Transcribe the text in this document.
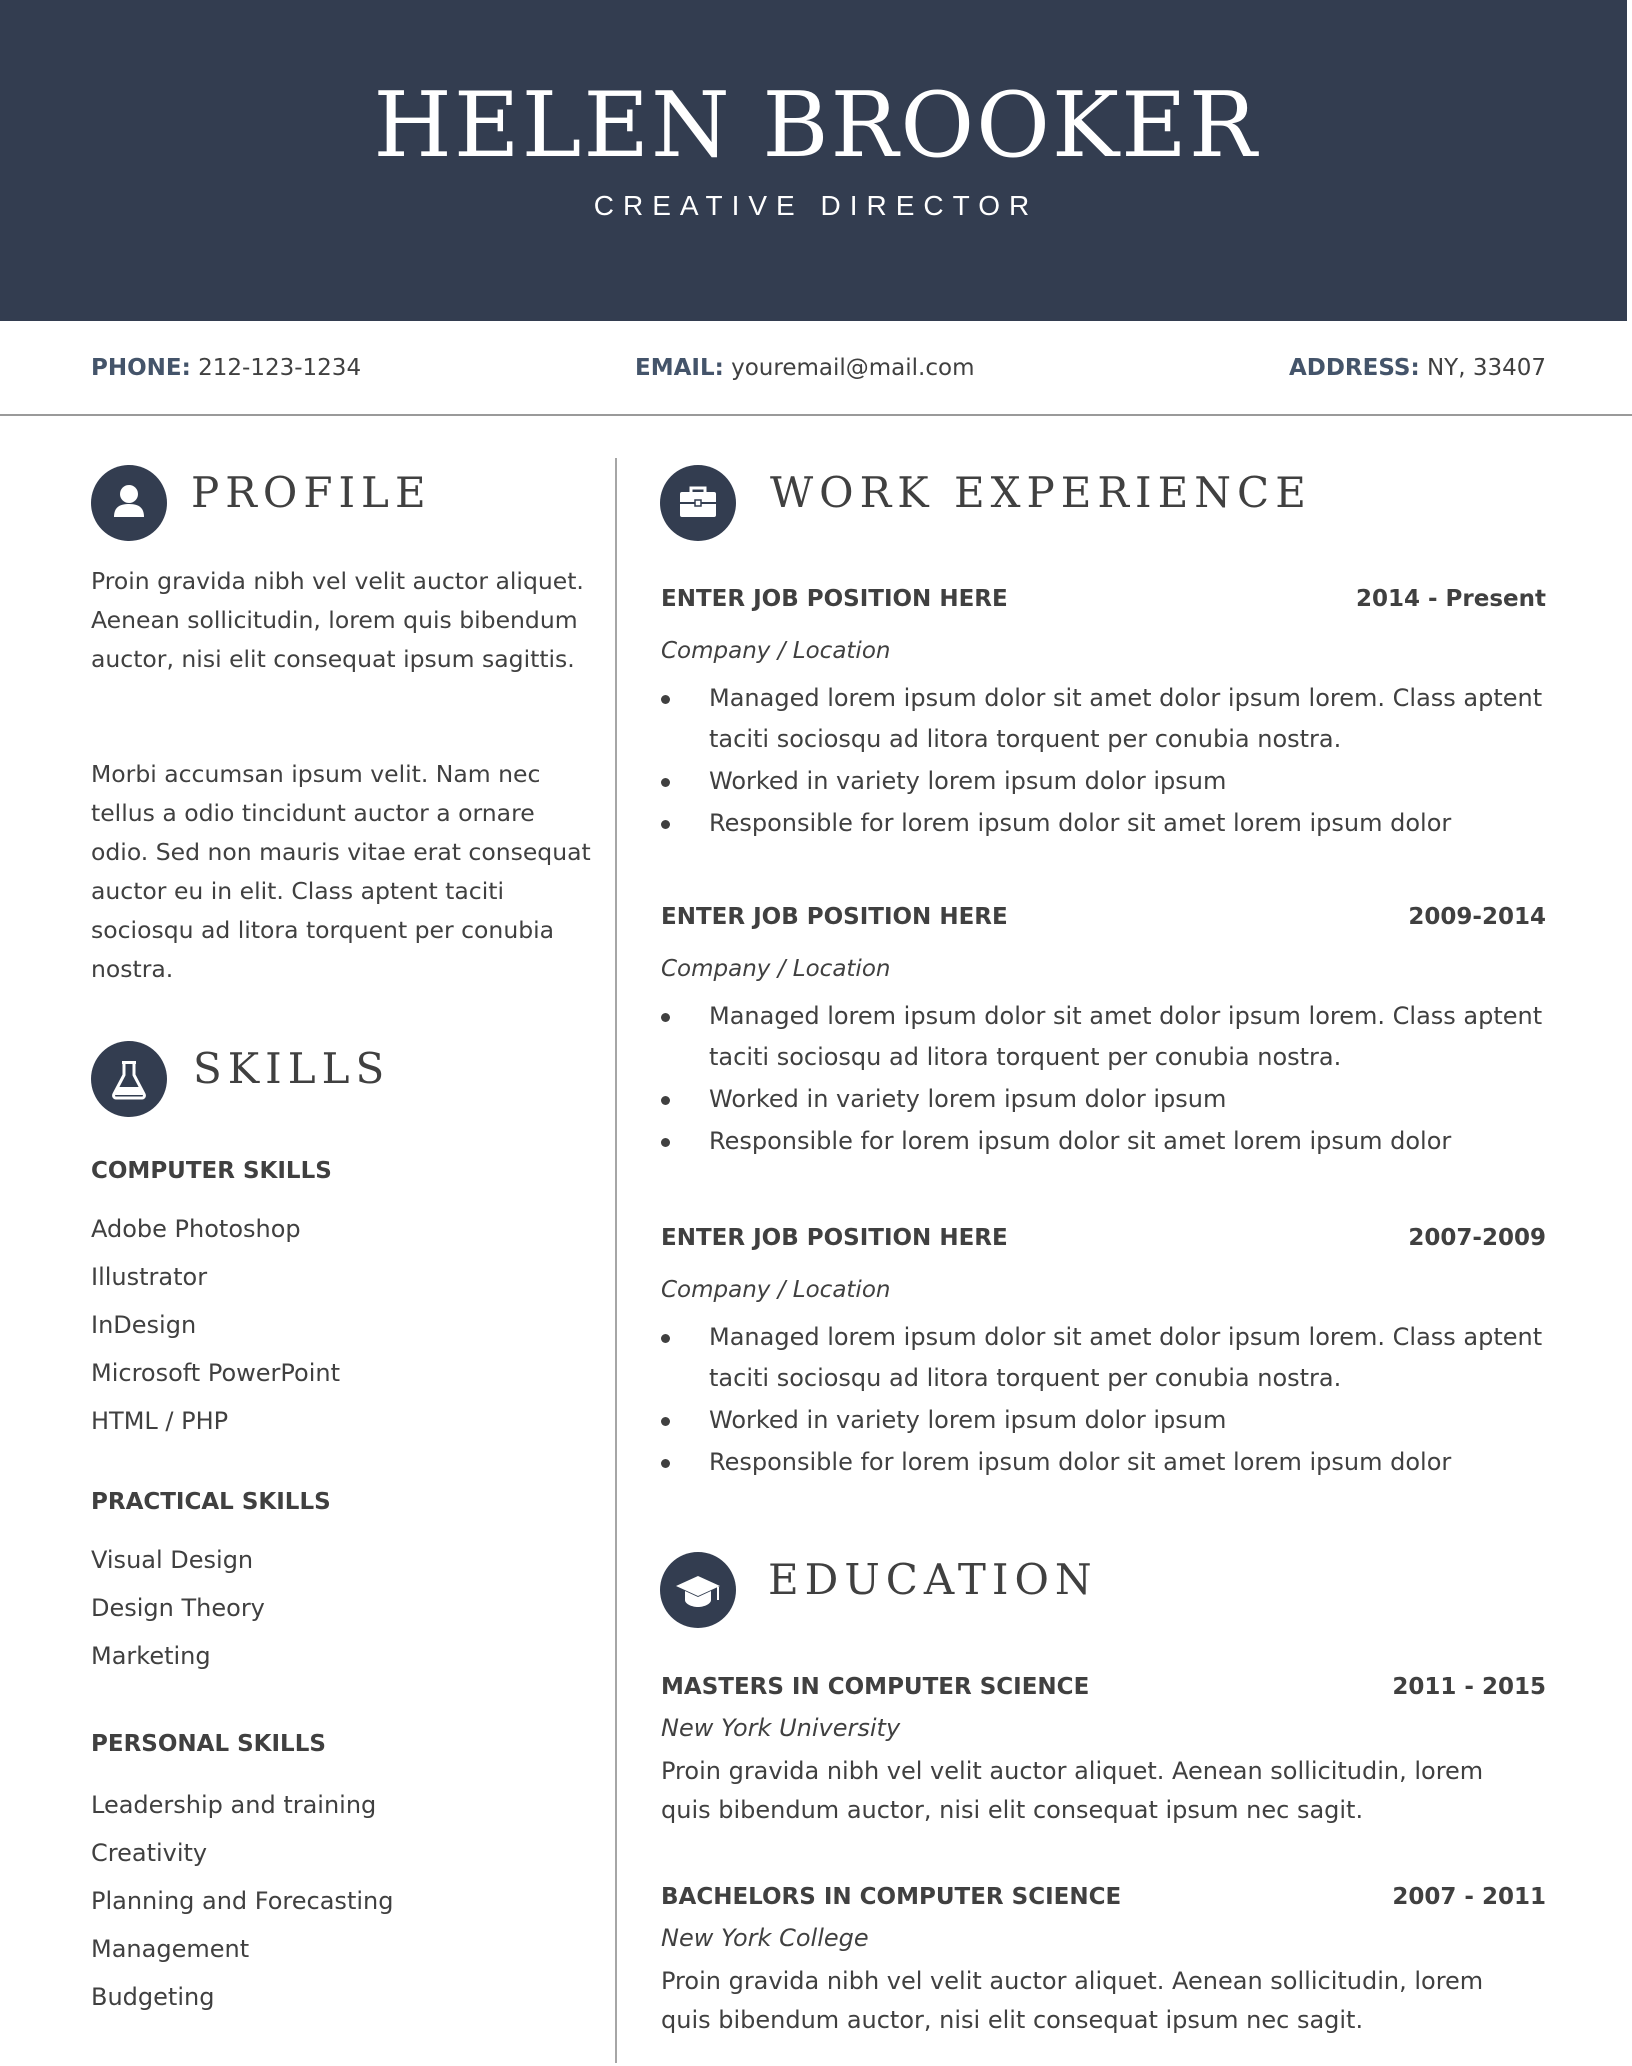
HELEN BROOKER
CREATIVE DIRECTOR
PHONE: 212-123-1234	EMAIL: youremail@mail.com	ADDRESS: NY, 33407
PROFILE
Proin gravida nibh vel velit auctor aliquet. Aenean sollicitudin, lorem quis bibendum auctor, nisi elit consequat ipsum sagittis.
Morbi accumsan ipsum velit. Nam nec tellus a odio tincidunt auctor a ornare odio. Sed non mauris vitae erat consequat auctor eu in elit. Class aptent taciti sociosqu ad litora torquent per conubia nostra.
SKILLS
COMPUTER SKILLS
Adobe Photoshop
Illustrator
InDesign
Microsoft PowerPoint
HTML / PHP
PRACTICAL SKILLS
Visual Design
Design Theory
Marketing
PERSONAL SKILLS
Leadership and training
Creativity
Planning and Forecasting
Management
Budgeting
WORK EXPERIENCE
ENTER JOB POSITION HERE	2014 - Present
Company / Location
Managed lorem ipsum dolor sit amet dolor ipsum lorem. Class aptent taciti sociosqu ad litora torquent per conubia nostra.
Worked in variety lorem ipsum dolor ipsum
Responsible for lorem ipsum dolor sit amet lorem ipsum dolor
ENTER JOB POSITION HERE	2009-2014
Company / Location
Managed lorem ipsum dolor sit amet dolor ipsum lorem. Class aptent taciti sociosqu ad litora torquent per conubia nostra.
Worked in variety lorem ipsum dolor ipsum
Responsible for lorem ipsum dolor sit amet lorem ipsum dolor
ENTER JOB POSITION HERE	2007-2009
Company / Location
Managed lorem ipsum dolor sit amet dolor ipsum lorem. Class aptent taciti sociosqu ad litora torquent per conubia nostra.
Worked in variety lorem ipsum dolor ipsum
Responsible for lorem ipsum dolor sit amet lorem ipsum dolor
EDUCATION
MASTERS IN COMPUTER SCIENCE	2011 - 2015
New York University
Proin gravida nibh vel velit auctor aliquet. Aenean sollicitudin, lorem quis bibendum auctor, nisi elit consequat ipsum nec sagit.
BACHELORS IN COMPUTER SCIENCE	2007 - 2011
New York College
Proin gravida nibh vel velit auctor aliquet. Aenean sollicitudin, lorem quis bibendum auctor, nisi elit consequat ipsum nec sagit.
